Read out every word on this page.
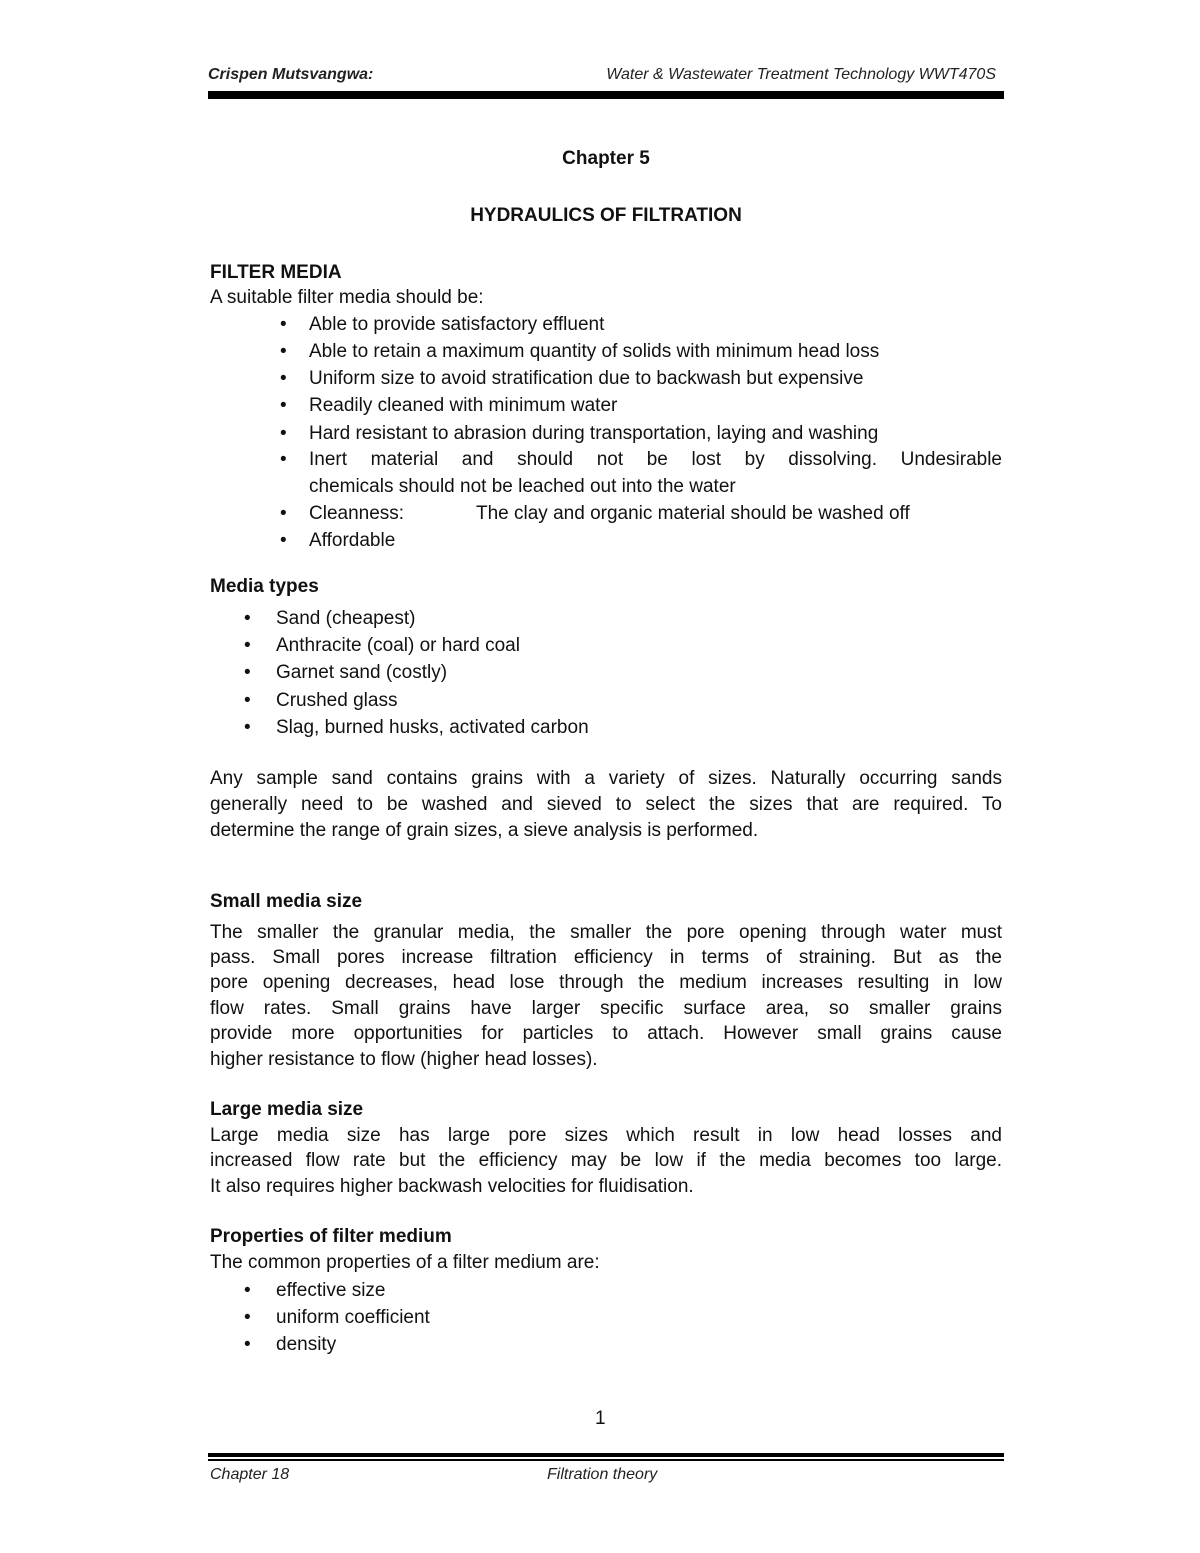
Crispen Mutsvangwa:	Water & Wastewater Treatment Technology WWT470S
Chapter 5
HYDRAULICS OF FILTRATION
FILTER MEDIA
A suitable filter media should be:
• Able to provide satisfactory effluent
• Able to retain a maximum quantity of solids with minimum head loss
• Uniform size to avoid stratification due to backwash but expensive
• Readily cleaned with minimum water
• Hard resistant to abrasion during transportation, laying and washing
• Inert material and should not be lost by dissolving. Undesirable
chemicals should not be leached out into the water
• Cleanness:	The clay and organic material should be washed off
• Affordable
Media types
• Sand (cheapest)
• Anthracite (coal) or hard coal
• Garnet sand (costly)
• Crushed glass
• Slag, burned husks, activated carbon
Any sample sand contains grains with a variety of sizes. Naturally occurring sands
generally need to be washed and sieved to select the sizes that are required. To
determine the range of grain sizes, a sieve analysis is performed.
Small media size
The smaller the granular media, the smaller the pore opening through water must
pass. Small pores increase filtration efficiency in terms of straining. But as the
pore opening decreases, head lose through the medium increases resulting in low
flow rates. Small grains have larger specific surface area, so smaller grains
provide more opportunities for particles to attach. However small grains cause
higher resistance to flow (higher head losses).
Large media size
Large media size has large pore sizes which result in low head losses and
increased flow rate but the efficiency may be low if the media becomes too large.
It also requires higher backwash velocities for fluidisation.
Properties of filter medium
The common properties of a filter medium are:
• effective size
• uniform coefficient
• density
1
Chapter 18	Filtration theory
